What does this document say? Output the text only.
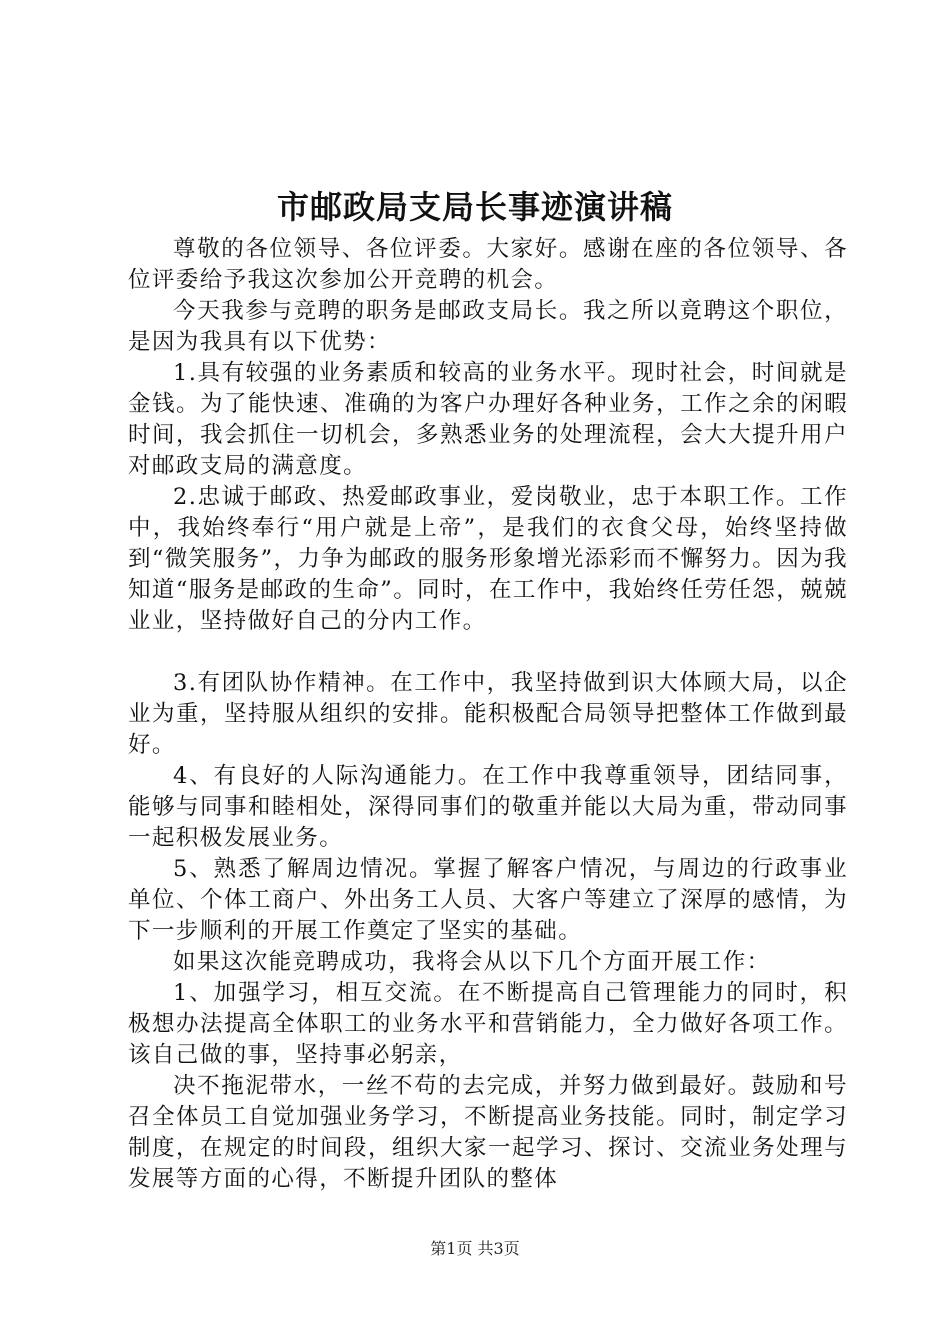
市邮政局支局长事迹演讲稿

尊敬的各位领导、各位评委。大家好。感谢在座的各位领导、各位评委给予我这次参加公开竞聘的机会。

今天我参与竞聘的职务是邮政支局长。我之所以竟聘这个职位，是因为我具有以下优势：

1.具有较强的业务素质和较高的业务水平。现时社会，时间就是金钱。为了能快速、准确的为客户办理好各种业务，工作之余的闲暇时间，我会抓住一切机会，多熟悉业务的处理流程，会大大提升用户对邮政支局的满意度。

2.忠诚于邮政、热爱邮政事业，爱岗敬业，忠于本职工作。工作中，我始终奉行“用户就是上帝”，是我们的衣食父母，始终坚持做到“微笑服务”，力争为邮政的服务形象增光添彩而不懈努力。因为我知道“服务是邮政的生命”。同时，在工作中，我始终任劳任怨，兢兢业业，坚持做好自己的分内工作。

3.有团队协作精神。在工作中，我坚持做到识大体顾大局，以企业为重，坚持服从组织的安排。能积极配合局领导把整体工作做到最好。

4、有良好的人际沟通能力。在工作中我尊重领导，团结同事，能够与同事和睦相处，深得同事们的敬重并能以大局为重，带动同事一起积极发展业务。

5、熟悉了解周边情况。掌握了解客户情况，与周边的行政事业单位、个体工商户、外出务工人员、大客户等建立了深厚的感情，为下一步顺利的开展工作奠定了坚实的基础。

如果这次能竞聘成功，我将会从以下几个方面开展工作：

1、加强学习，相互交流。在不断提高自己管理能力的同时，积极想办法提高全体职工的业务水平和营销能力，全力做好各项工作。该自己做的事，坚持事必躬亲，

决不拖泥带水，一丝不苟的去完成，并努力做到最好。鼓励和号召全体员工自觉加强业务学习，不断提高业务技能。同时，制定学习制度，在规定的时间段，组织大家一起学习、探讨、交流业务处理与发展等方面的心得，不断提升团队的整体

第1页 共3页
